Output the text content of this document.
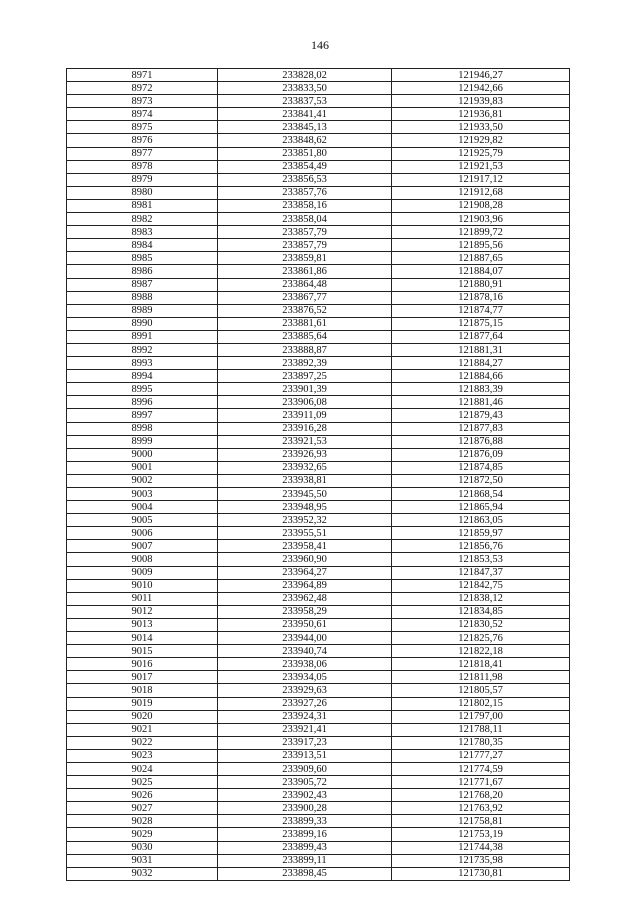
146
8971	233828,02	121946,27
8972	233833,50	121942,66
8973	233837,53	121939,83
8974	233841,41	121936,81
8975	233845,13	121933,50
8976	233848,62	121929,82
8977	233851,80	121925,79
8978	233854,49	121921,53
8979	233856,53	121917,12
8980	233857,76	121912,68
8981	233858,16	121908,28
8982	233858,04	121903,96
8983	233857,79	121899,72
8984	233857,79	121895,56
8985	233859,81	121887,65
8986	233861,86	121884,07
8987	233864,48	121880,91
8988	233867,77	121878,16
8989	233876,52	121874,77
8990	233881,61	121875,15
8991	233885,64	121877,64
8992	233888,87	121881,31
8993	233892,39	121884,27
8994	233897,25	121884,66
8995	233901,39	121883,39
8996	233906,08	121881,46
8997	233911,09	121879,43
8998	233916,28	121877,83
8999	233921,53	121876,88
9000	233926,93	121876,09
9001	233932,65	121874,85
9002	233938,81	121872,50
9003	233945,50	121868,54
9004	233948,95	121865,94
9005	233952,32	121863,05
9006	233955,51	121859,97
9007	233958,41	121856,76
9008	233960,90	121853,53
9009	233964,27	121847,37
9010	233964,89	121842,75
9011	233962,48	121838,12
9012	233958,29	121834,85
9013	233950,61	121830,52
9014	233944,00	121825,76
9015	233940,74	121822,18
9016	233938,06	121818,41
9017	233934,05	121811,98
9018	233929,63	121805,57
9019	233927,26	121802,15
9020	233924,31	121797,00
9021	233921,41	121788,11
9022	233917,23	121780,35
9023	233913,51	121777,27
9024	233909,60	121774,59
9025	233905,72	121771,67
9026	233902,43	121768,20
9027	233900,28	121763,92
9028	233899,33	121758,81
9029	233899,16	121753,19
9030	233899,43	121744,38
9031	233899,11	121735,98
9032	233898,45	121730,81
